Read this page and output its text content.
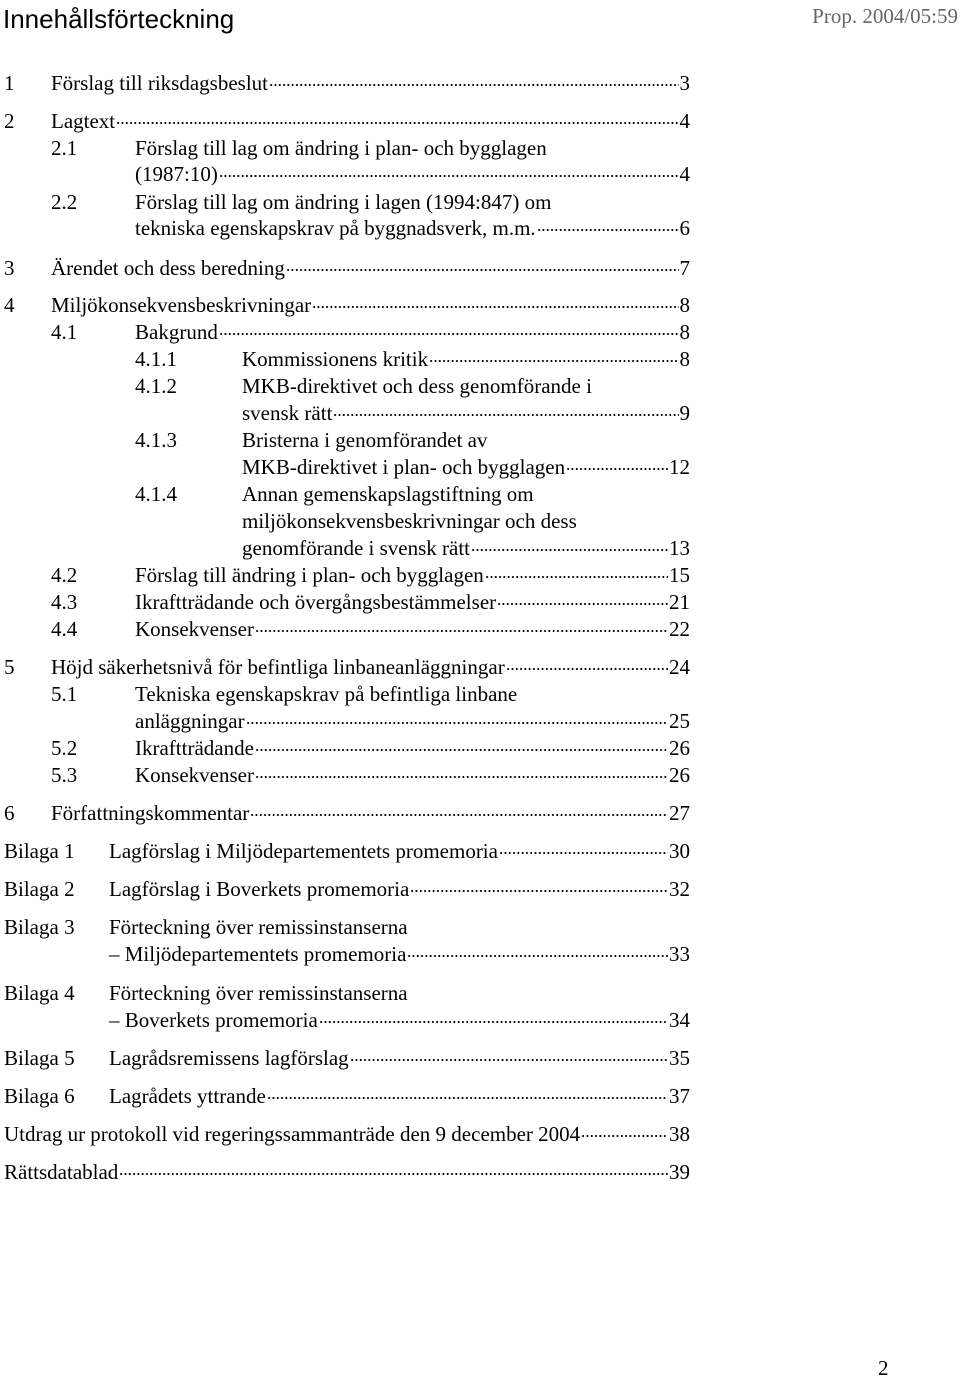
Innehållsförteckning	Prop. 2004/05:59
1 Förslag till riksdagsbeslut	3
2 Lagtext	4
2.1	Förslag till lag om ändring i plan- och bygglagen
(1987:10)	4
2.2	Förslag till lag om ändring i lagen (1994:847) om
tekniska egenskapskrav på byggnadsverk, m.m.	6
3 Ärendet och dess beredning	7
4 Miljökonsekvensbeskrivningar	8
4.1	Bakgrund	8
4.1.1	Kommissionens kritik	8
4.1.2	MKB-direktivet och dess genomförande i
svensk rätt	9
4.1.3	Bristerna i genomförandet av
MKB-direktivet i plan- och bygglagen	12
4.1.4	Annan gemenskapslagstiftning om
miljökonsekvensbeskrivningar och dess
genomförande i svensk rätt	13
4.2	Förslag till ändring i plan- och bygglagen	15
4.3	Ikraftträdande och övergångsbestämmelser	21
4.4	Konsekvenser	22
5 Höjd säkerhetsnivå för befintliga linbaneanläggningar	24
5.1	Tekniska egenskapskrav på befintliga linbane
anläggningar	25
5.2	Ikraftträdande	26
5.3	Konsekvenser	26
6 Författningskommentar	27
Bilaga 1 Lagförslag i Miljödepartementets promemoria	30
Bilaga 2 Lagförslag i Boverkets promemoria	32
Bilaga 3 Förteckning över remissinstanserna
– Miljödepartementets promemoria	33
Bilaga 4 Förteckning över remissinstanserna
– Boverkets promemoria	34
Bilaga 5 Lagrådsremissens lagförslag	35
Bilaga 6 Lagrådets yttrande	37
Utdrag ur protokoll vid regeringssammanträde den 9 december 2004	38
Rättsdatablad	39
2
